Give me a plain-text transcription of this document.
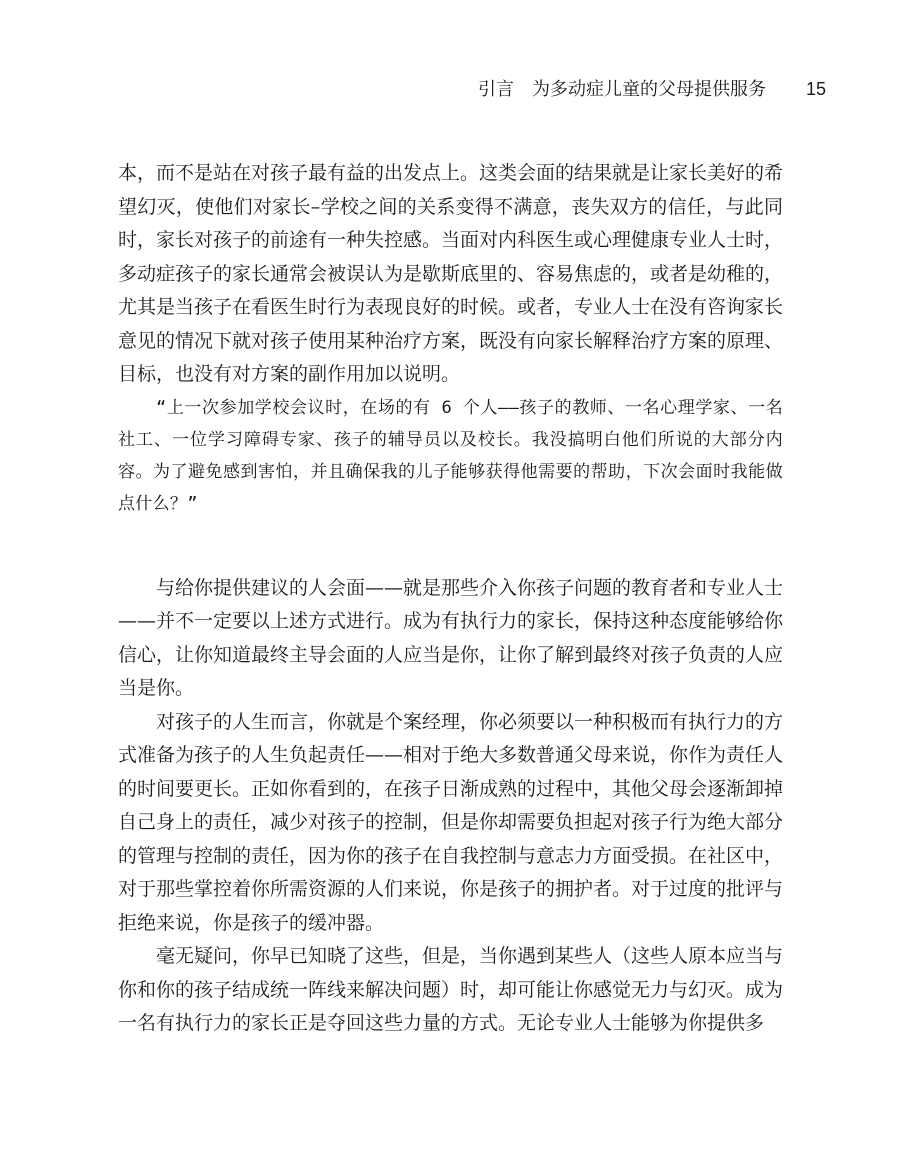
引言　为多动症儿童的父母提供服务 15

本，而不是站在对孩子最有益的出发点上。这类会面的结果就是让家长美好的希望幻灭，使他们对家长–学校之间的关系变得不满意，丧失双方的信任，与此同时，家长对孩子的前途有一种失控感。当面对内科医生或心理健康专业人士时，多动症孩子的家长通常会被误认为是歇斯底里的、容易焦虑的，或者是幼稚的，尤其是当孩子在看医生时行为表现良好的时候。或者，专业人士在没有咨询家长意见的情况下就对孩子使用某种治疗方案，既没有向家长解释治疗方案的原理、目标，也没有对方案的副作用加以说明。

“上一次参加学校会议时，在场的有 6 个人——孩子的教师、一名心理学家、一名社工、一位学习障碍专家、孩子的辅导员以及校长。我没搞明白他们所说的大部分内容。为了避免感到害怕，并且确保我的儿子能够获得他需要的帮助，下次会面时我能做点什么？”

与给你提供建议的人会面——就是那些介入你孩子问题的教育者和专业人士——并不一定要以上述方式进行。成为有执行力的家长，保持这种态度能够给你信心，让你知道最终主导会面的人应当是你，让你了解到最终对孩子负责的人应当是你。

对孩子的人生而言，你就是个案经理，你必须要以一种积极而有执行力的方式准备为孩子的人生负起责任——相对于绝大多数普通父母来说，你作为责任人的时间要更长。正如你看到的，在孩子日渐成熟的过程中，其他父母会逐渐卸掉自己身上的责任，减少对孩子的控制，但是你却需要负担起对孩子行为绝大部分的管理与控制的责任，因为你的孩子在自我控制与意志力方面受损。在社区中，对于那些掌控着你所需资源的人们来说，你是孩子的拥护者。对于过度的批评与拒绝来说，你是孩子的缓冲器。

毫无疑问，你早已知晓了这些，但是，当你遇到某些人（这些人原本应当与你和你的孩子结成统一阵线来解决问题）时，却可能让你感觉无力与幻灭。成为一名有执行力的家长正是夺回这些力量的方式。无论专业人士能够为你提供多
